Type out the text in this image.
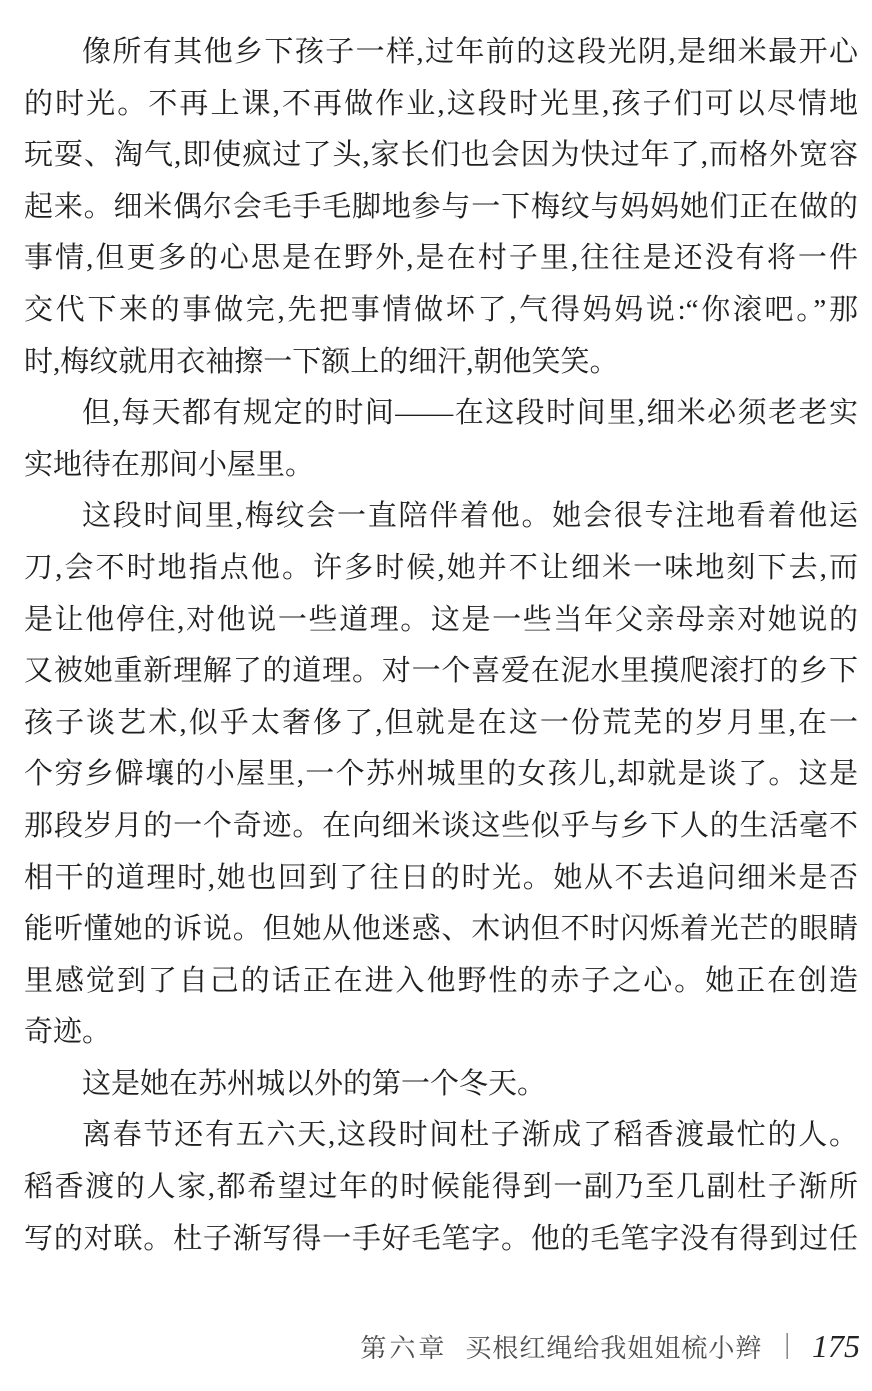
像所有其他乡下孩子一样,过年前的这段光阴,是细米最开心

的时光。不再上课,不再做作业,这段时光里,孩子们可以尽情地

玩耍、淘气,即使疯过了头,家长们也会因为快过年了,而格外宽容

起来。细米偶尔会毛手毛脚地参与一下梅纹与妈妈她们正在做的

事情,但更多的心思是在野外,是在村子里,往往是还没有将一件

交代下来的事做完,先把事情做坏了,气得妈妈说:“你滚吧。”那

时,梅纹就用衣袖擦一下额上的细汗,朝他笑笑。

但,每天都有规定的时间——在这段时间里,细米必须老老实

实地待在那间小屋里。

这段时间里,梅纹会一直陪伴着他。她会很专注地看着他运

刀,会不时地指点他。许多时候,她并不让细米一味地刻下去,而

是让他停住,对他说一些道理。这是一些当年父亲母亲对她说的

又被她重新理解了的道理。对一个喜爱在泥水里摸爬滚打的乡下

孩子谈艺术,似乎太奢侈了,但就是在这一份荒芜的岁月里,在一

个穷乡僻壤的小屋里,一个苏州城里的女孩儿,却就是谈了。这是

那段岁月的一个奇迹。在向细米谈这些似乎与乡下人的生活毫不

相干的道理时,她也回到了往日的时光。她从不去追问细米是否

能听懂她的诉说。但她从他迷惑、木讷但不时闪烁着光芒的眼睛

里感觉到了自己的话正在进入他野性的赤子之心。她正在创造

奇迹。

这是她在苏州城以外的第一个冬天。

离春节还有五六天,这段时间杜子渐成了稻香渡最忙的人。

稻香渡的人家,都希望过年的时候能得到一副乃至几副杜子渐所

写的对联。杜子渐写得一手好毛笔字。他的毛笔字没有得到过任

第六章 买根红绳给我姐姐梳小辫 | 175
